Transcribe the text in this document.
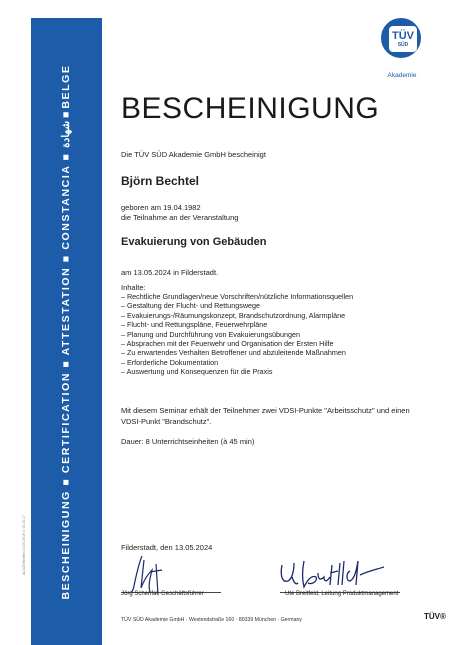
BESCHEINIGUNG ■ CERTIFICATION ■ ATTESTATION ■ CONSTANCIA ■ شهادة ■ BELGE
AC425 Bestfrei 10.09.2019 V 15.10.17
TÜV
SÜD
Akademie
BESCHEINIGUNG
Die TÜV SÜD Akademie GmbH bescheinigt
Björn Bechtel
geboren am 19.04.1982
die Teilnahme an der Veranstaltung
Evakuierung von Gebäuden
am 13.05.2024 in Filderstadt.
Inhalte:
– Rechtliche Grundlagen/neue Vorschriften/nützliche Informationsquellen
– Gestaltung der Flucht- und Rettungswege
– Evakuierungs-/Räumungskonzept, Brandschutzordnung, Alarmpläne
– Flucht- und Rettungspläne, Feuerwehrpläne
– Planung und Durchführung von Evakuierungsübungen
– Absprachen mit der Feuerwehr und Organisation der Ersten Hilfe
– Zu erwartendes Verhalten Betroffener und abzuleitende Maßnahmen
– Erforderliche Dokumentation
– Auswertung und Konsequenzen für die Praxis
Mit diesem Seminar erhält der Teilnehmer zwei VDSI-Punkte "Arbeitsschutz" und einen
VDSI-Punkt "Brandschutz".
Dauer: 8 Unterrichtseinheiten (à 45 min)
Filderstadt, den 13.05.2024
Jörg Schenfal, Geschäftsführer	Ute Breitfeld, Leitung Produktmanagement
TÜV SÜD Akademie GmbH · Westendstraße 160 · 80339 München · Germany	TÜV®
